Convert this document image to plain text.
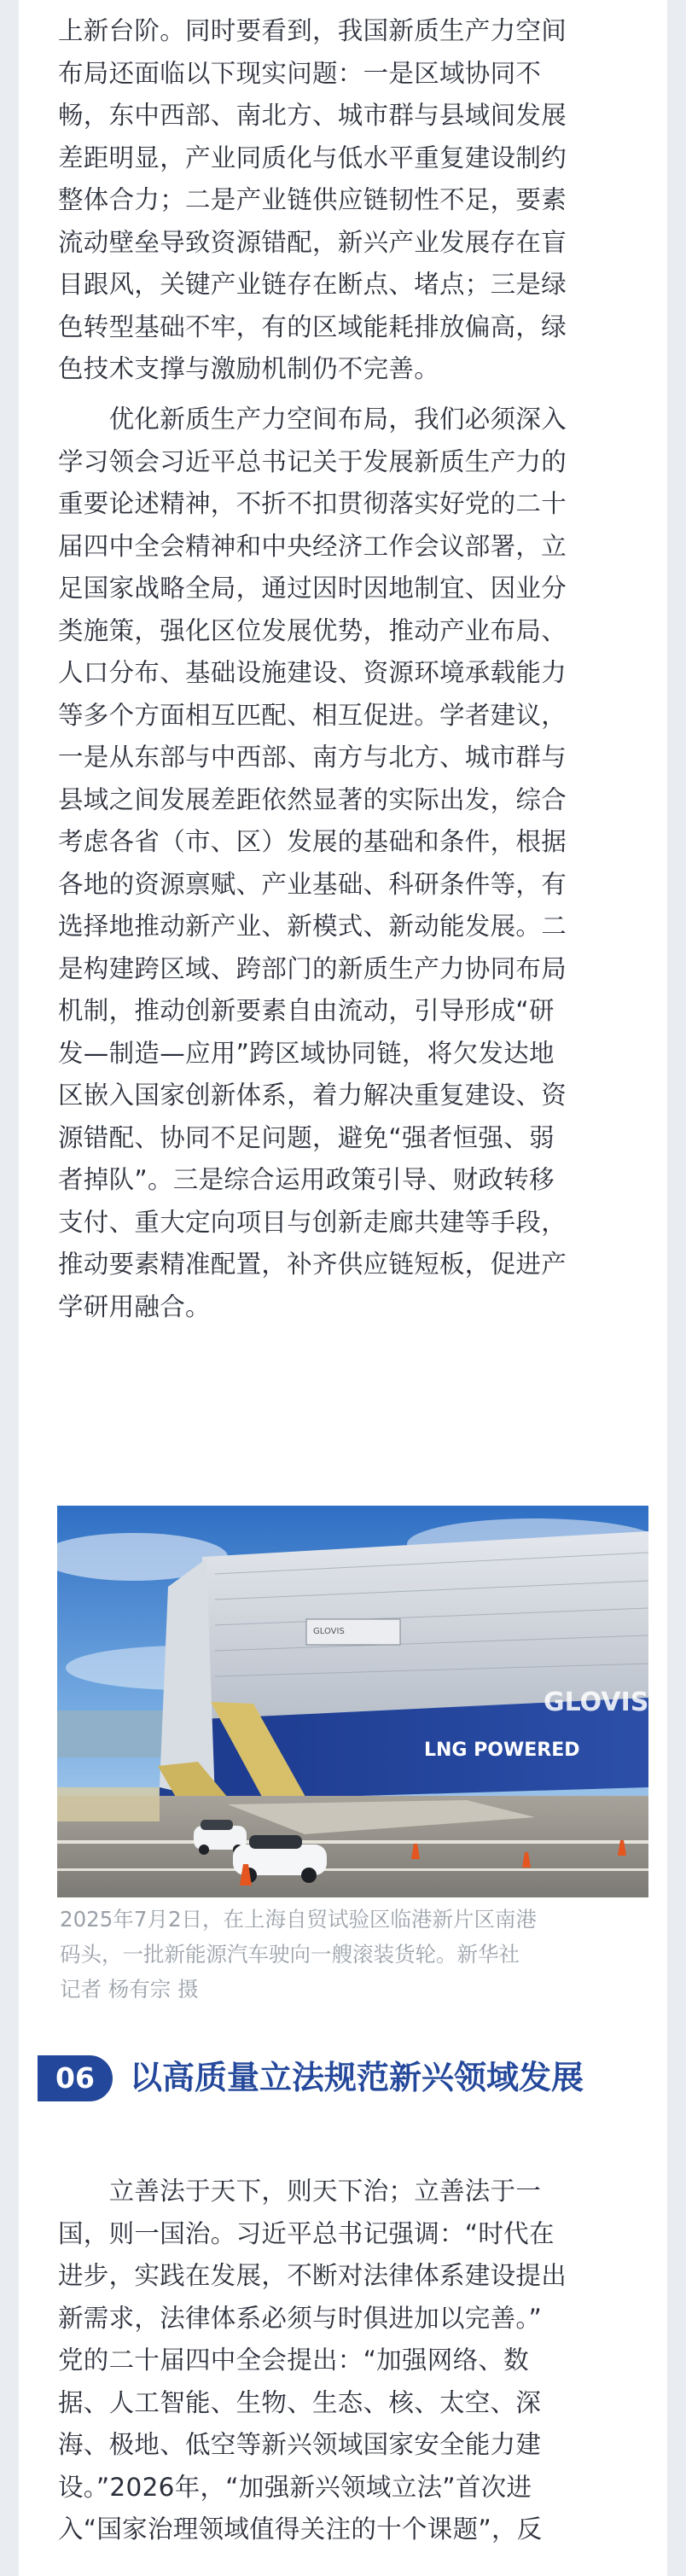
上新台阶。同时要看到，我国新质生产力空间
布局还面临以下现实问题：一是区域协同不
畅，东中西部、南北方、城市群与县域间发展
差距明显，产业同质化与低水平重复建设制约
整体合力；二是产业链供应链韧性不足，要素
流动壁垒导致资源错配，新兴产业发展存在盲
目跟风，关键产业链存在断点、堵点；三是绿
色转型基础不牢，有的区域能耗排放偏高，绿
色技术支撑与激励机制仍不完善。

　　优化新质生产力空间布局，我们必须深入
学习领会习近平总书记关于发展新质生产力的
重要论述精神，不折不扣贯彻落实好党的二十
届四中全会精神和中央经济工作会议部署，立
足国家战略全局，通过因时因地制宜、因业分
类施策，强化区位发展优势，推动产业布局、
人口分布、基础设施建设、资源环境承载能力
等多个方面相互匹配、相互促进。学者建议，
一是从东部与中西部、南方与北方、城市群与
县域之间发展差距依然显著的实际出发，综合
考虑各省（市、区）发展的基础和条件，根据
各地的资源禀赋、产业基础、科研条件等，有
选择地推动新产业、新模式、新动能发展。二
是构建跨区域、跨部门的新质生产力协同布局
机制，推动创新要素自由流动，引导形成“研
发—制造—应用”跨区域协同链，将欠发达地
区嵌入国家创新体系，着力解决重复建设、资
源错配、协同不足问题，避免“强者恒强、弱
者掉队”。三是综合运用政策引导、财政转移
支付、重大定向项目与创新走廊共建等手段，
推动要素精准配置，补齐供应链短板，促进产
学研用融合。

GLOVIS
LNG POWERED
GLOVIS

2025年7月2日，在上海自贸试验区临港新片区南港
码头，一批新能源汽车驶向一艘滚装货轮。新华社
记者 杨有宗 摄

06	以高质量立法规范新兴领域发展

　　立善法于天下，则天下治；立善法于一
国，则一国治。习近平总书记强调：“时代在
进步，实践在发展，不断对法律体系建设提出
新需求，法律体系必须与时俱进加以完善。”
党的二十届四中全会提出：“加强网络、数
据、人工智能、生物、生态、核、太空、深
海、极地、低空等新兴领域国家安全能力建
设。”2026年，“加强新兴领域立法”首次进
入“国家治理领域值得关注的十个课题”，反
